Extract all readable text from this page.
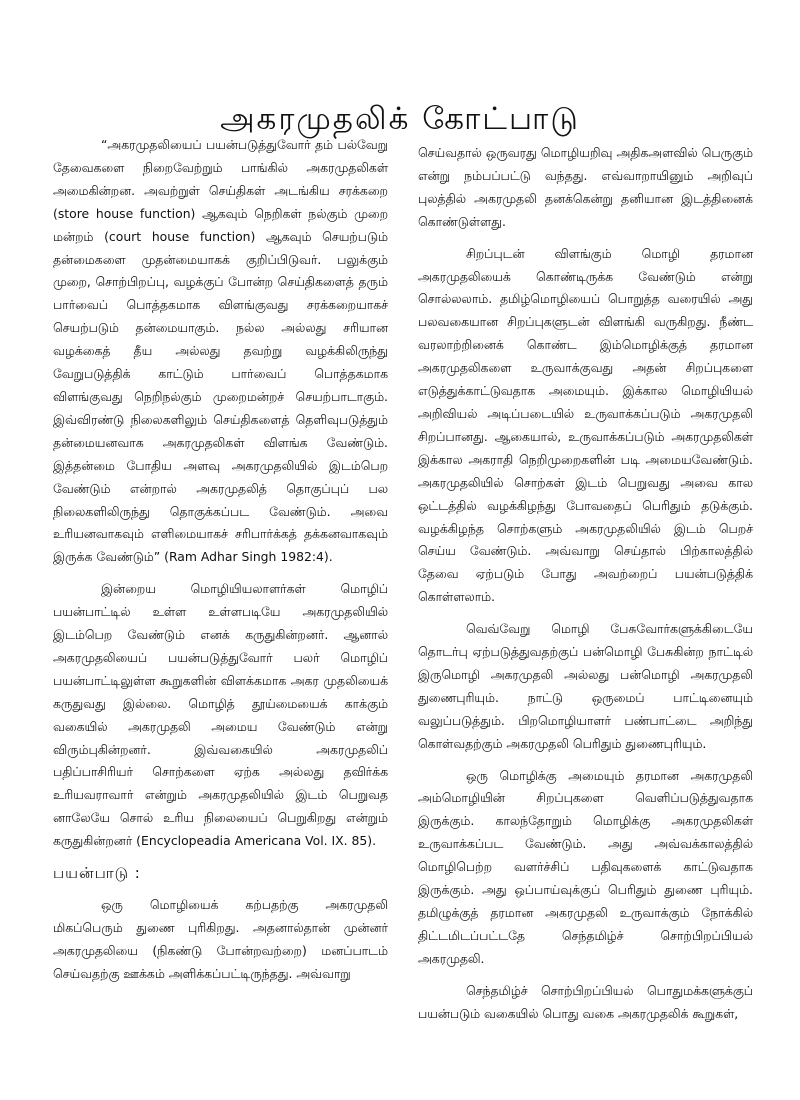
அகரமுதலிக் கோட்பாடு

“அகரமுதலியைப் பயன்படுத்துவோர் தம் பல்வேறு தேவைகளை நிறைவேற்றும் பாங்கில் அகரமுதலிகள் அமைகின்றன. அவற்றுள் செய்திகள் அடங்கிய சரக்கறை (store house function) ஆகவும் நெறிகள் நல்கும் முறை மன்றம் (court house function) ஆகவும் செயற்படும் தன்மைகளை முதன்மையாகக் குறிப்பிடுவர். பலுக்கும் முறை, சொற்பிறப்பு, வழக்குப் போன்ற செய்திகளைத் தரும் பார்வைப் பொத்தகமாக விளங்குவது சரக்கறையாகச் செயற்படும் தன்மையாகும். நல்ல அல்லது சரியான வழக்கைத் தீய அல்லது தவற்று வழக்கிலிருந்து வேறுபடுத்திக் காட்டும் பார்வைப் பொத்தகமாக விளங்குவது நெறிநல்கும் முறைமன்றச் செயற்பாடாகும். இவ்விரண்டு நிலைகளிலும் செய்திகளைத் தெளிவுபடுத்தும் தன்மையனவாக அகரமுதலிகள் விளங்க வேண்டும். இத்தன்மை போதிய அளவு அகரமுதலியில் இடம்பெற வேண்டும் என்றால் அகரமுதலித் தொகுப்புப் பல நிலைகளிலிருந்து தொகுக்கப்பட வேண்டும். அவை உரியனவாகவும் எளிமையாகச் சரிபார்க்கத் தக்கனவாகவும் இருக்க வேண்டும்” (Ram Adhar Singh 1982:4).

இன்றைய மொழியியலாளர்கள் மொழிப் பயன்பாட்டில் உள்ள உள்ளபடியே அகரமுதலியில் இடம்பெற வேண்டும் எனக் கருதுகின்றனர். ஆனால் அகரமுதலியைப் பயன்படுத்துவோர் பலர் மொழிப் பயன்பாட்டிலுள்ள கூறுகளின் விளக்கமாக அகர முதலியைக் கருதுவது இல்லை. மொழித் தூய்மையைக் காக்கும் வகையில் அகரமுதலி அமைய வேண்டும் என்று விரும்புகின்றனர். இவ்வகையில் அகரமுதலிப் பதிப்பாசிரியர் சொற்களை ஏற்க அல்லது தவிர்க்க உரியவராவார் என்றும் அகரமுதலியில் இடம் பெறுவத னாலேயே சொல் உரிய நிலையைப் பெறுகிறது என்றும் கருதுகின்றனர் (Encyclopeadia Americana Vol. IX. 85).

பயன்பாடு :

ஒரு மொழியைக் கற்பதற்கு அகரமுதலி மிகப்பெரும் துணை புரிகிறது. அதனால்தான் முன்னர் அகரமுதலியை (நிகண்டு போன்றவற்றை) மனப்பாடம் செய்வதற்கு ஊக்கம் அளிக்கப்பட்டிருந்தது. அவ்வாறு

செய்வதால் ஒருவரது மொழியறிவு அதிகஅளவில் பெருகும் என்று நம்பப்பட்டு வந்தது. எவ்வாறாயினும் அறிவுப் புலத்தில் அகரமுதலி தனக்கென்று தனியான இடத்தினைக் கொண்டுள்ளது.

சிறப்புடன் விளங்கும் மொழி தரமான அகரமுதலியைக் கொண்டிருக்க வேண்டும் என்று சொல்லலாம். தமிழ்மொழியைப் பொறுத்த வரையில் அது பலவகையான சிறப்புகளுடன் விளங்கி வருகிறது. நீண்ட வரலாற்றினைக் கொண்ட இம்மொழிக்குத் தரமான அகரமுதலிகளை உருவாக்குவது அதன் சிறப்புகளை எடுத்துக்காட்டுவதாக அமையும். இக்கால மொழியியல் அறிவியல் அடிப்படையில் உருவாக்கப்படும் அகரமுதலி சிறப்பானது. ஆகையால், உருவாக்கப்படும் அகரமுதலிகள் இக்கால அகராதி நெறிமுறைகளின் படி அமையவேண்டும். அகரமுதலியில் சொற்கள் இடம் பெறுவது அவை கால ஒட்டத்தில் வழக்கிழந்து போவதைப் பெரிதும் தடுக்கும். வழக்கிழந்த சொற்களும் அகரமுதலியில் இடம் பெறச் செய்ய வேண்டும். அவ்வாறு செய்தால் பிற்காலத்தில் தேவை ஏற்படும் போது அவற்றைப் பயன்படுத்திக் கொள்ளலாம்.

வெவ்வேறு மொழி பேசுவோர்களுக்கிடையே தொடர்பு ஏற்படுத்துவதற்குப் பன்மொழி பேசுகின்ற நாட்டில் இருமொழி அகரமுதலி அல்லது பன்மொழி அகரமுதலி துணைபுரியும். நாட்டு ஒருமைப் பாட்டினையும் வலுப்படுத்தும். பிறமொழியாளர் பண்பாட்டை அறிந்து கொள்வதற்கும் அகரமுதலி பெரிதும் துணைபுரியும்.

ஒரு மொழிக்கு அமையும் தரமான அகரமுதலி அம்மொழியின் சிறப்புகளை வெளிப்படுத்துவதாக இருக்கும். காலந்தோறும் மொழிக்கு அகரமுதலிகள் உருவாக்கப்பட வேண்டும். அது அவ்வக்காலத்தில் மொழிபெற்ற வளர்ச்சிப் பதிவுகளைக் காட்டுவதாக இருக்கும். அது ஒப்பாய்வுக்குப் பெரிதும் துணை புரியும். தமிழுக்குத் தரமான அகரமுதலி உருவாக்கும் நோக்கில் திட்டமிடப்பட்டதே செந்தமிழ்ச் சொற்பிறப்பியல் அகரமுதலி.

செந்தமிழ்ச் சொற்பிறப்பியல் பொதுமக்களுக்குப் பயன்படும் வகையில் பொது வகை அகரமுதலிக் கூறுகள்,
